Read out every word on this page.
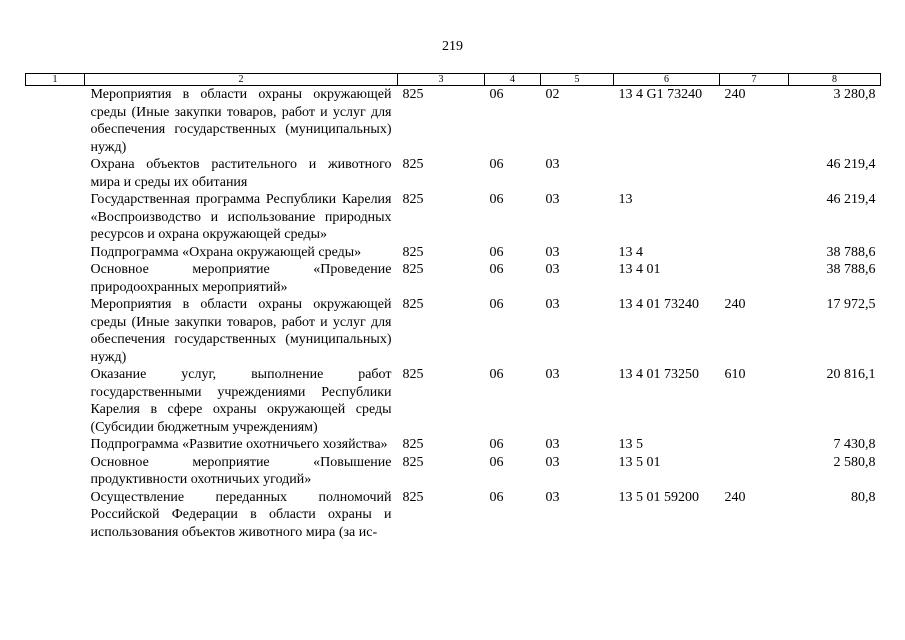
219
1	2	3	4	5	6	7	8
	Мероприятия в области охраны окружающей среды (Иные закупки товаров, работ и услуг для обеспечения государственных (муниципальных) нужд)	825	06	02	13 4 G1 73240	240	3 280,8
	Охрана объектов растительного и животного мира и среды их обитания	825	06	03			46 219,4
	Государственная программа Республики Карелия «Воспроизводство и использование природных ресурсов и охрана окружающей среды»	825	06	03	13		46 219,4
	Подпрограмма «Охрана окружающей среды»	825	06	03	13 4		38 788,6
	Основное мероприятие «Проведение природоохранных мероприятий»	825	06	03	13 4 01		38 788,6
	Мероприятия в области охраны окружающей среды (Иные закупки товаров, работ и услуг для обеспечения государственных (муниципальных) нужд)	825	06	03	13 4 01 73240	240	17 972,5
	Оказание услуг, выполнение работ государственными учреждениями Республики Карелия в сфере охраны окружающей среды (Субсидии бюджетным учреждениям)	825	06	03	13 4 01 73250	610	20 816,1
	Подпрограмма «Развитие охотничьего хозяйства»	825	06	03	13 5		7 430,8
	Основное мероприятие «Повышение продуктивности охотничьих угодий»	825	06	03	13 5 01		2 580,8
	Осуществление переданных полномочий Российской Федерации в области охраны и использования объектов животного мира (за ис-	825	06	03	13 5 01 59200	240	80,8
